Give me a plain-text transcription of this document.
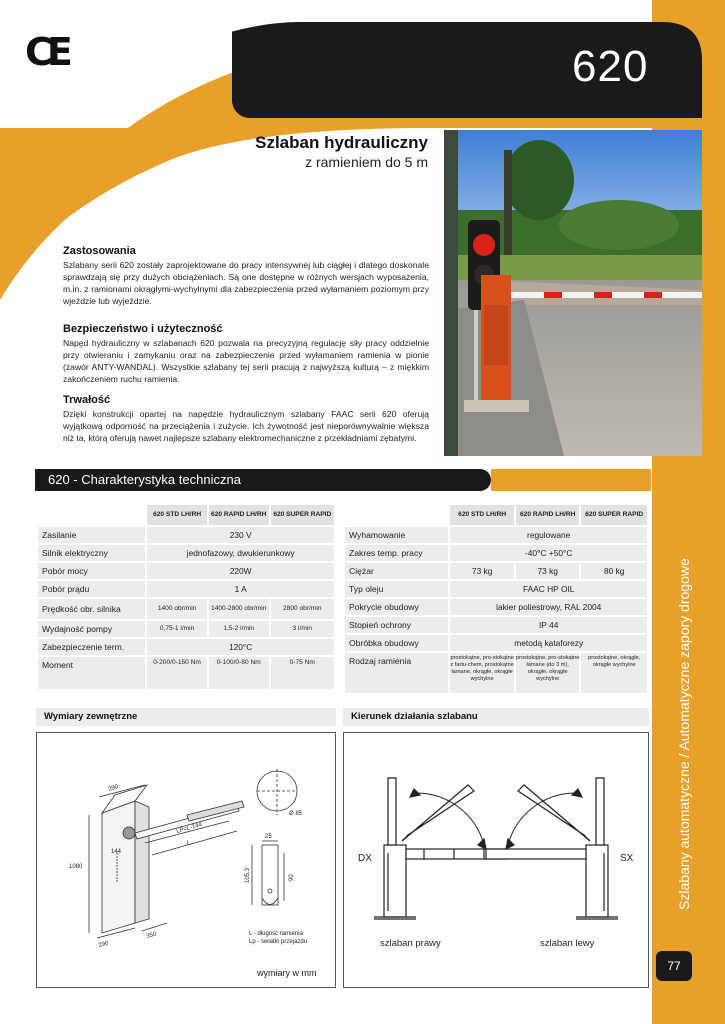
CE	620
Szlaban hydrauliczny
z ramieniem do 5 m
Zastosowania

Szlabany serii 620 zostały zaprojektowane do pracy intensywnej lub ciągłej i dlatego doskonale sprawdzają się przy dużych obciążeniach. Są one dostępne w różnych wersjach wyposażenia, m.in. z ramionami okrągłymi-wychylnymi dla zabezpieczenia przed wyłamaniem poziomym przy wjeździe lub wyjeździe.

Bezpieczeństwo i użyteczność

Napęd hydrauliczny w szlabanach 620 pozwala na precyzyjną regulację siły pracy oddzielnie przy otwieraniu i zamykaniu oraz na zabezpieczenie przed wyłamaniem ramienia w pionie (zawór ANTY-WANDAL). Wszystkie szlabany tej serii pracują z najwyższą kulturą – z miękkim zakończeniem ruchu ramienia.

Trwałość

Dzięki konstrukcji opartej na napędzie hydraulicznym szlabany FAAC serii 620 oferują wyjątkową odporność na przeciążenia i zużycie. Ich żywotność jest nieporównywalnie większa niż ta, którą oferują nawet najlepsze szlabany elektromechaniczne z przekładniami zębatymi.

620 - Charakterystyka techniczna
	620 STD LH/RH	620 RAPID LH/RH	620 SUPER RAPID
Zasilanie	230 V		
Silnik elektryczny	jednofazowy, dwukierunkowy		
Pobór mocy	220W		
Pobór prądu	1 A		
Prędkość obr. silnika	1400 obr/min	1400-2800 obr/min	2800 obr/min
Wydajność pompy	0,75-1 l/min	1,5-2 l/min	3 l/min
Zabezpieczenie term.	120°C		
Moment	0-200/0-150 Nm	0-100/0-80 Nm	0-75 Nm
	620 STD LH/RH	620 RAPID LH/RH	620 SUPER RAPID
Wyhamowanie	regulowane		
Zakres temp. pracy	-40°C +50°C		
Ciężar	73 kg	73 kg	80 kg
Typ oleju	FAAC HP OIL		
Pokrycie obudowy	lakier poliestrowy, RAL 2004		
Stopień ochrony	IP 44		
Obróbka obudowy	metodą kataforezy		
Rodzaj ramienia	prostokątne, pro-stokątne z fartu-chem, prostokątne łamane, okrągłe, okrągłe wychylne	prostokątne, pro-stokątne łamane (do 3 m), okrągłe, okrągłe wychylne	prostokątne, okrągłe, okrągłe wychylne
Wymiary zewnętrzne
290
1080
144
LP=L-144
L
290
350
Ø 85
25
105,3	90
L - długość ramienia
Lp - światło przejazdu
wymiary w mm
Kierunek działania szlabanu
DX	SX
szlaban prawy	szlaban lewy
Szlabany automatyczne / Automatyczne zapory drogowe
77
